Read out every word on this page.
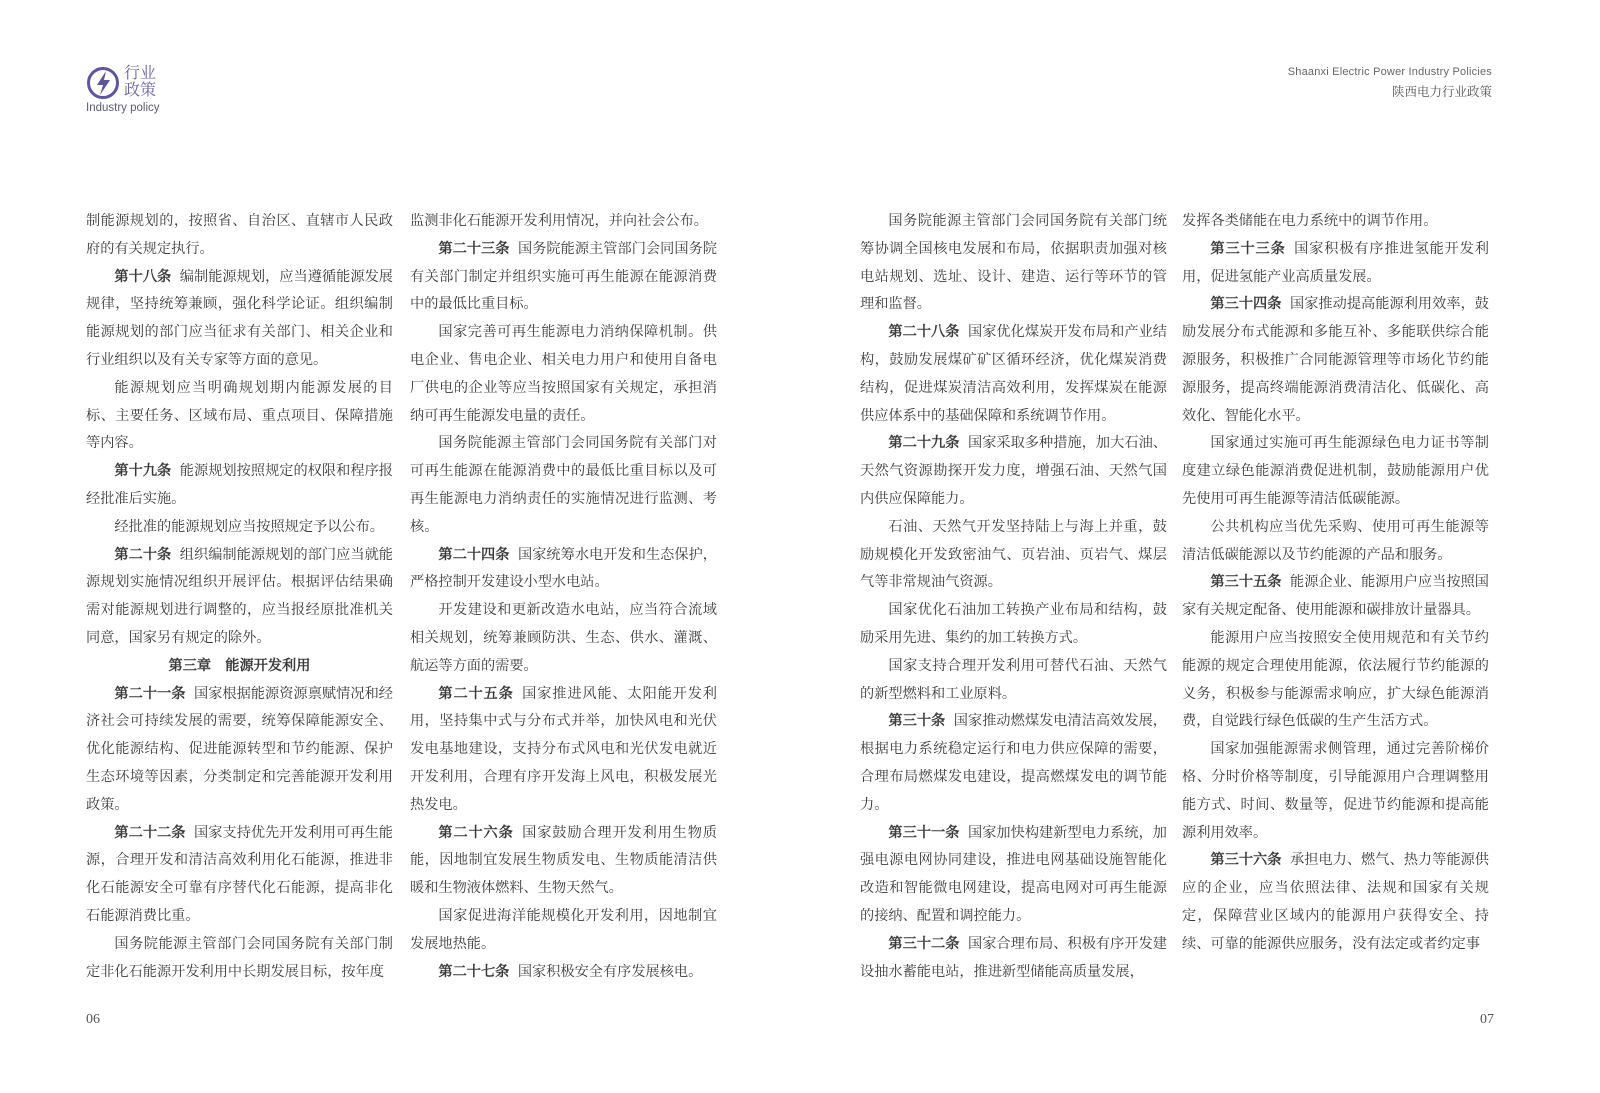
行业
政策
Industry policy
Shaanxi Electric Power Industry Policies
陕西电力行业政策

制能源规划的，按照省、自治区、直辖市人民政府的有关规定执行。

第十八条 编制能源规划，应当遵循能源发展规律，坚持统筹兼顾，强化科学论证。组织编制能源规划的部门应当征求有关部门、相关企业和行业组织以及有关专家等方面的意见。

能源规划应当明确规划期内能源发展的目标、主要任务、区域布局、重点项目、保障措施等内容。

第十九条 能源规划按照规定的权限和程序报经批准后实施。

经批准的能源规划应当按照规定予以公布。

第二十条 组织编制能源规划的部门应当就能源规划实施情况组织开展评估。根据评估结果确需对能源规划进行调整的，应当报经原批准机关同意，国家另有规定的除外。

第三章　能源开发利用

第二十一条 国家根据能源资源禀赋情况和经济社会可持续发展的需要，统筹保障能源安全、优化能源结构、促进能源转型和节约能源、保护生态环境等因素，分类制定和完善能源开发利用政策。

第二十二条 国家支持优先开发利用可再生能源，合理开发和清洁高效利用化石能源，推进非化石能源安全可靠有序替代化石能源，提高非化石能源消费比重。

国务院能源主管部门会同国务院有关部门制定非化石能源开发利用中长期发展目标，按年度

监测非化石能源开发利用情况，并向社会公布。

第二十三条 国务院能源主管部门会同国务院有关部门制定并组织实施可再生能源在能源消费中的最低比重目标。

国家完善可再生能源电力消纳保障机制。供电企业、售电企业、相关电力用户和使用自备电厂供电的企业等应当按照国家有关规定，承担消纳可再生能源发电量的责任。

国务院能源主管部门会同国务院有关部门对可再生能源在能源消费中的最低比重目标以及可再生能源电力消纳责任的实施情况进行监测、考核。

第二十四条 国家统筹水电开发和生态保护，严格控制开发建设小型水电站。

开发建设和更新改造水电站，应当符合流域相关规划，统筹兼顾防洪、生态、供水、灌溉、航运等方面的需要。

第二十五条 国家推进风能、太阳能开发利用，坚持集中式与分布式并举，加快风电和光伏发电基地建设，支持分布式风电和光伏发电就近开发利用，合理有序开发海上风电，积极发展光热发电。

第二十六条 国家鼓励合理开发利用生物质能，因地制宜发展生物质发电、生物质能清洁供暖和生物液体燃料、生物天然气。

国家促进海洋能规模化开发利用，因地制宜发展地热能。

第二十七条 国家积极安全有序发展核电。

国务院能源主管部门会同国务院有关部门统筹协调全国核电发展和布局，依据职责加强对核电站规划、选址、设计、建造、运行等环节的管理和监督。

第二十八条 国家优化煤炭开发布局和产业结构，鼓励发展煤矿矿区循环经济，优化煤炭消费结构，促进煤炭清洁高效利用，发挥煤炭在能源供应体系中的基础保障和系统调节作用。

第二十九条 国家采取多种措施，加大石油、天然气资源勘探开发力度，增强石油、天然气国内供应保障能力。

石油、天然气开发坚持陆上与海上并重，鼓励规模化开发致密油气、页岩油、页岩气、煤层气等非常规油气资源。

国家优化石油加工转换产业布局和结构，鼓励采用先进、集约的加工转换方式。

国家支持合理开发利用可替代石油、天然气的新型燃料和工业原料。

第三十条 国家推动燃煤发电清洁高效发展，根据电力系统稳定运行和电力供应保障的需要，合理布局燃煤发电建设，提高燃煤发电的调节能力。

第三十一条 国家加快构建新型电力系统，加强电源电网协同建设，推进电网基础设施智能化改造和智能微电网建设，提高电网对可再生能源的接纳、配置和调控能力。

第三十二条 国家合理布局、积极有序开发建设抽水蓄能电站，推进新型储能高质量发展，

发挥各类储能在电力系统中的调节作用。

第三十三条 国家积极有序推进氢能开发利用，促进氢能产业高质量发展。

第三十四条 国家推动提高能源利用效率，鼓励发展分布式能源和多能互补、多能联供综合能源服务，积极推广合同能源管理等市场化节约能源服务，提高终端能源消费清洁化、低碳化、高效化、智能化水平。

国家通过实施可再生能源绿色电力证书等制度建立绿色能源消费促进机制，鼓励能源用户优先使用可再生能源等清洁低碳能源。

公共机构应当优先采购、使用可再生能源等清洁低碳能源以及节约能源的产品和服务。

第三十五条 能源企业、能源用户应当按照国家有关规定配备、使用能源和碳排放计量器具。

能源用户应当按照安全使用规范和有关节约能源的规定合理使用能源，依法履行节约能源的义务，积极参与能源需求响应，扩大绿色能源消费，自觉践行绿色低碳的生产生活方式。

国家加强能源需求侧管理，通过完善阶梯价格、分时价格等制度，引导能源用户合理调整用能方式、时间、数量等，促进节约能源和提高能源利用效率。

第三十六条 承担电力、燃气、热力等能源供应的企业，应当依照法律、法规和国家有关规定，保障营业区域内的能源用户获得安全、持续、可靠的能源供应服务，没有法定或者约定事

06	07
